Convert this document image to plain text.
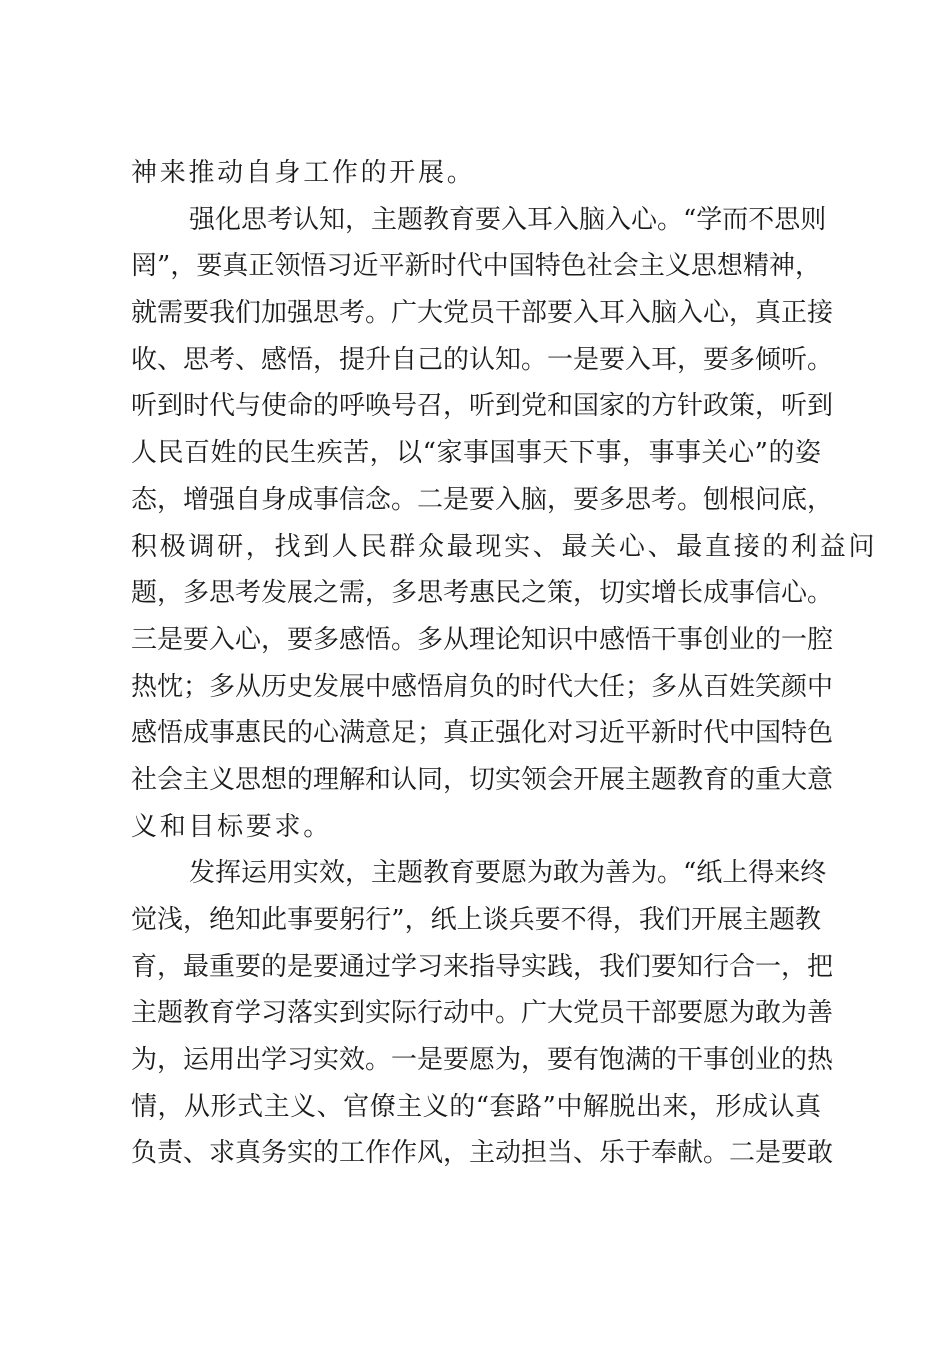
神来推动自身工作的开展。
强化思考认知，主题教育要入耳入脑入心。“学而不思则
罔”，要真正领悟习近平新时代中国特色社会主义思想精神，
就需要我们加强思考。广大党员干部要入耳入脑入心，真正接
收、思考、感悟，提升自己的认知。一是要入耳，要多倾听。
听到时代与使命的呼唤号召，听到党和国家的方针政策，听到
人民百姓的民生疾苦，以“家事国事天下事，事事关心”的姿
态，增强自身成事信念。二是要入脑，要多思考。刨根问底，
积极调研，找到人民群众最现实、最关心、最直接的利益问
题，多思考发展之需，多思考惠民之策，切实增长成事信心。
三是要入心，要多感悟。多从理论知识中感悟干事创业的一腔
热忱；多从历史发展中感悟肩负的时代大任；多从百姓笑颜中
感悟成事惠民的心满意足；真正强化对习近平新时代中国特色
社会主义思想的理解和认同，切实领会开展主题教育的重大意
义和目标要求。
发挥运用实效，主题教育要愿为敢为善为。“纸上得来终
觉浅，绝知此事要躬行”，纸上谈兵要不得，我们开展主题教
育，最重要的是要通过学习来指导实践，我们要知行合一，把
主题教育学习落实到实际行动中。广大党员干部要愿为敢为善
为，运用出学习实效。一是要愿为，要有饱满的干事创业的热
情，从形式主义、官僚主义的“套路”中解脱出来，形成认真
负责、求真务实的工作作风，主动担当、乐于奉献。二是要敢
